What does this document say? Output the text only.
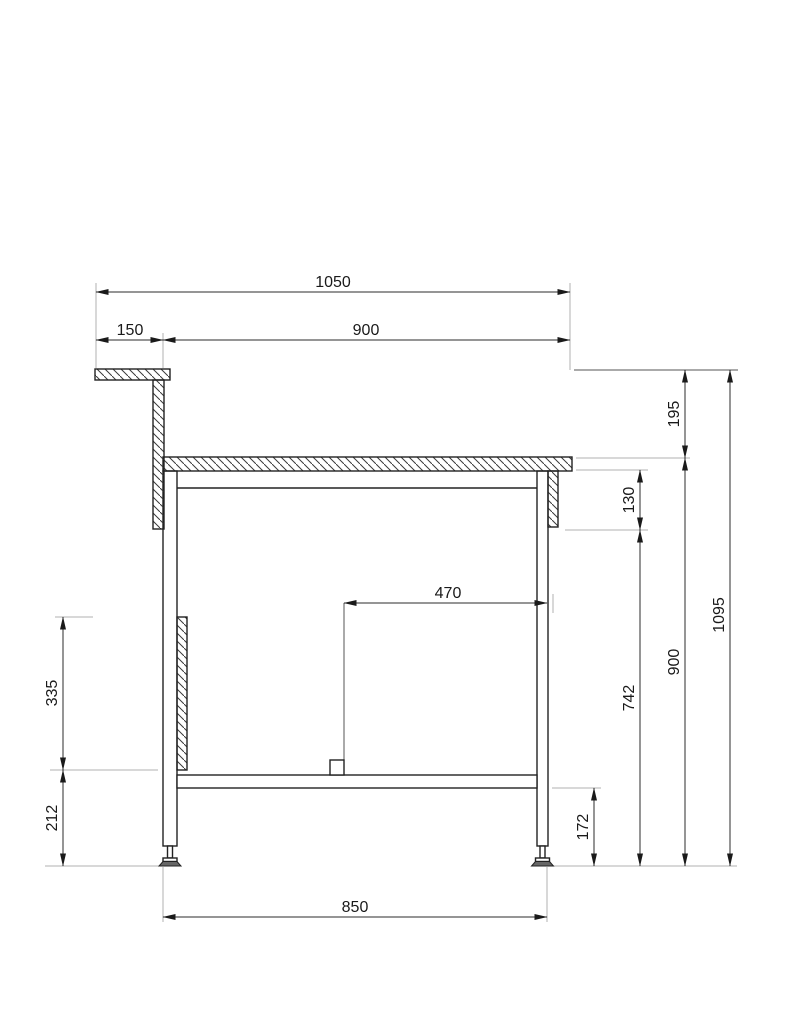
1050
150	900
470
850
195
130
742
900
1095
172
335
212
